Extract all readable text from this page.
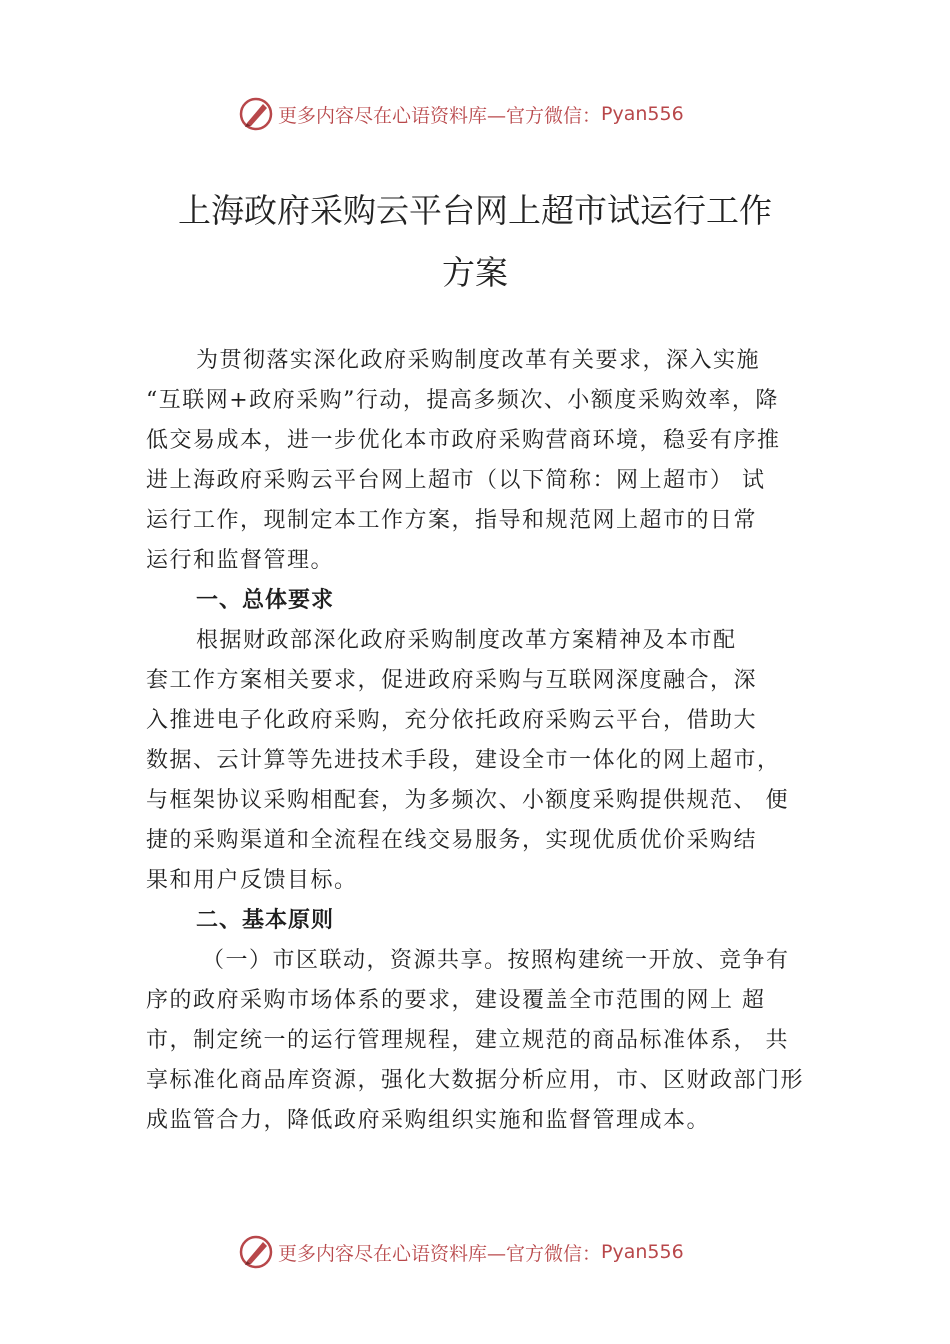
更多内容尽在心语资料库—官方微信： Pyan556
上海政府采购云平台网上超市试运行工作
方案
为贯彻落实深化政府采购制度改革有关要求，深入实施
“互联网+政府采购”行动，提高多频次、小额度采购效率，降
低交易成本，进一步优化本市政府采购营商环境，稳妥有序推
进上海政府采购云平台网上超市（以下简称：网上超市） 试
运行工作，现制定本工作方案，指导和规范网上超市的日常
运行和监督管理。
一、总体要求
根据财政部深化政府采购制度改革方案精神及本市配
套工作方案相关要求，促进政府采购与互联网深度融合，深
入推进电子化政府采购，充分依托政府采购云平台，借助大
数据、云计算等先进技术手段，建设全市一体化的网上超市，
与框架协议采购相配套，为多频次、小额度采购提供规范、 便
捷的采购渠道和全流程在线交易服务，实现优质优价采购结
果和用户反馈目标。
二、基本原则
（一）市区联动，资源共享。按照构建统一开放、竞争有
序的政府采购市场体系的要求，建设覆盖全市范围的网上 超
市，制定统一的运行管理规程，建立规范的商品标准体系， 共
享标准化商品库资源，强化大数据分析应用，市、区财政部门形
成监管合力，降低政府采购组织实施和监督管理成本。
更多内容尽在心语资料库—官方微信： Pyan556
